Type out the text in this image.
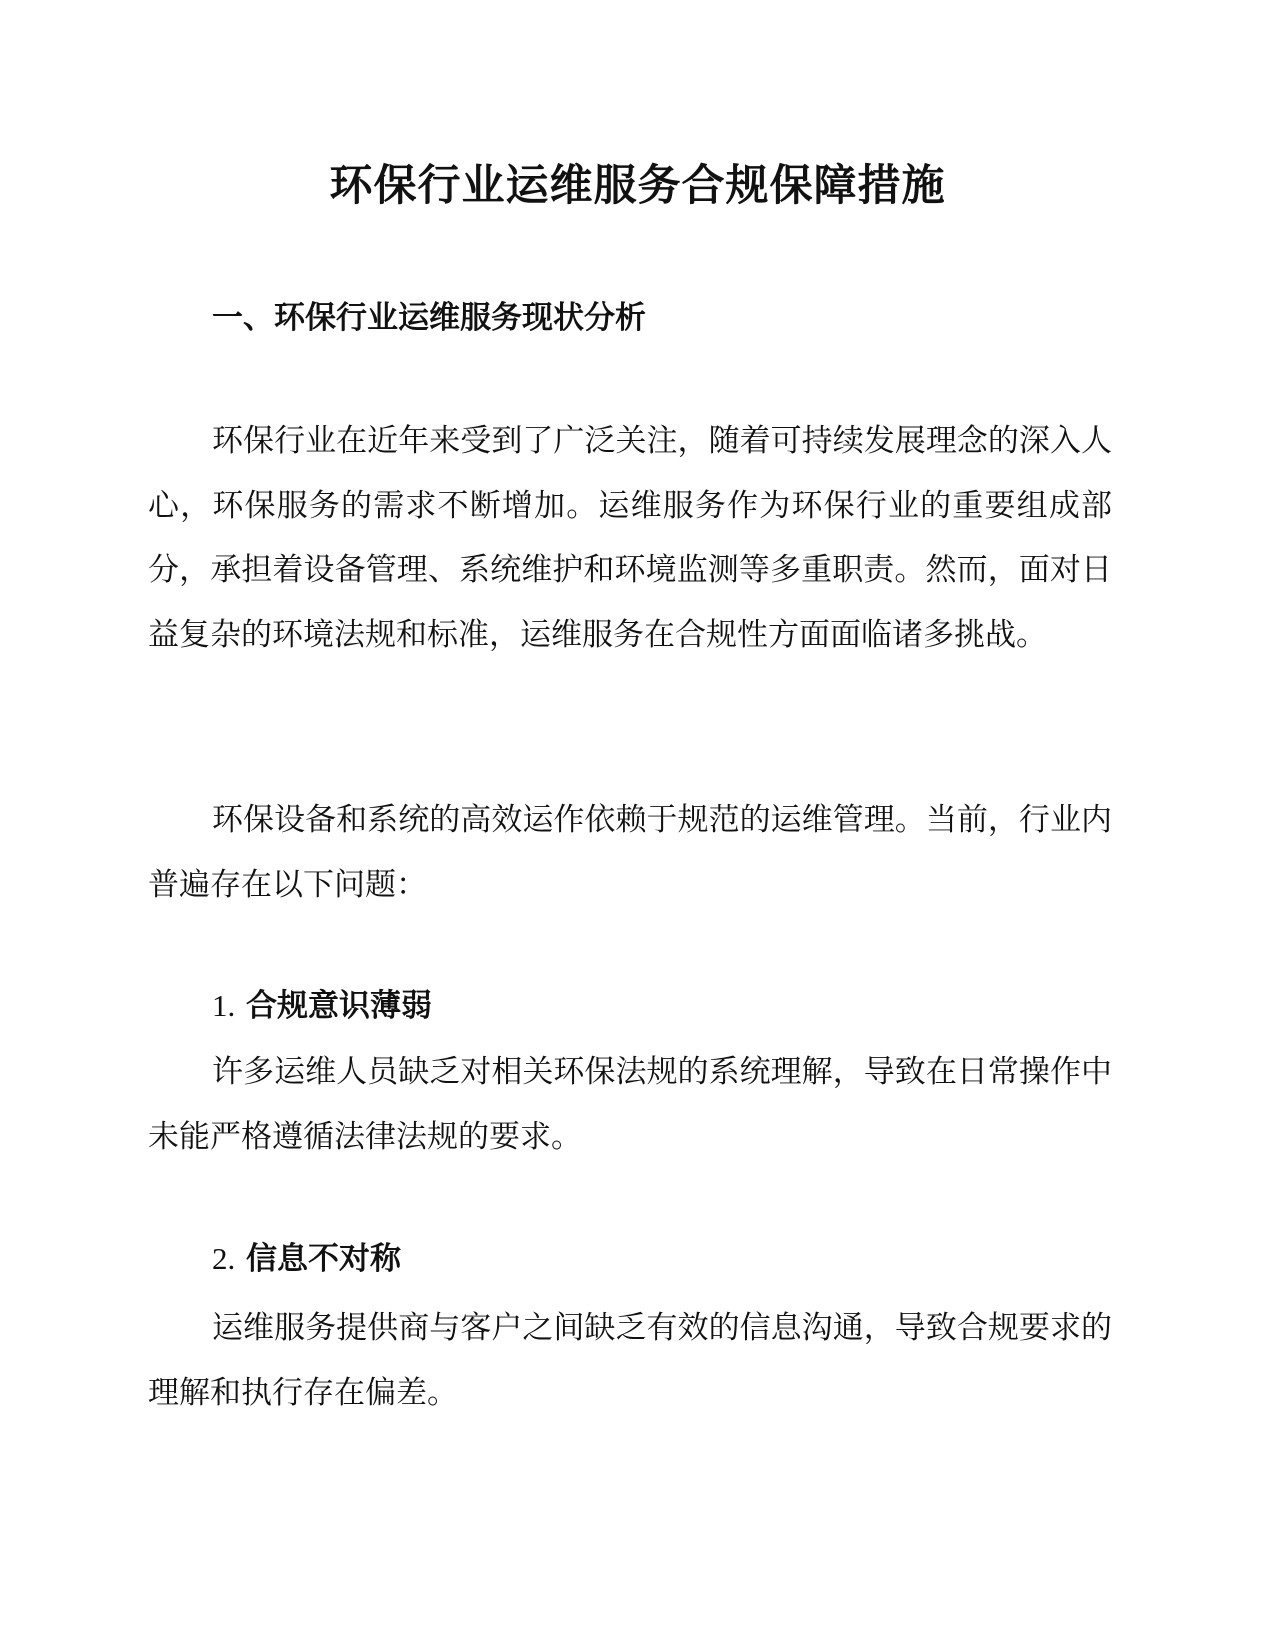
环保行业运维服务合规保障措施
一、环保行业运维服务现状分析

环保行业在近年来受到了广泛关注，随着可持续发展理念的深入人心，环保服务的需求不断增加。运维服务作为环保行业的重要组成部分，承担着设备管理、系统维护和环境监测等多重职责。然而，面对日益复杂的环境法规和标准，运维服务在合规性方面面临诸多挑战。

环保设备和系统的高效运作依赖于规范的运维管理。当前，行业内普遍存在以下问题：

1. 合规意识薄弱

许多运维人员缺乏对相关环保法规的系统理解，导致在日常操作中未能严格遵循法律法规的要求。

2. 信息不对称

运维服务提供商与客户之间缺乏有效的信息沟通，导致合规要求的理解和执行存在偏差。
